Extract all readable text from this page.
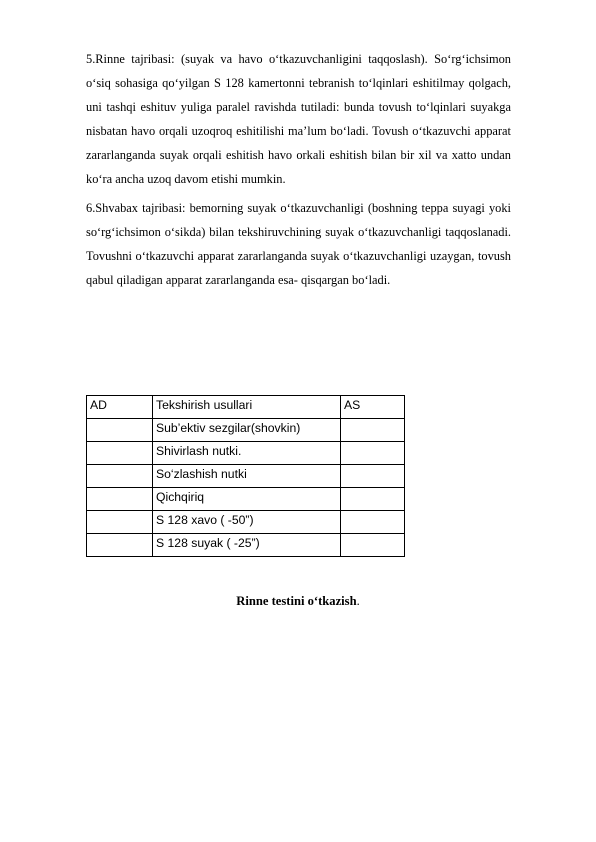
5.Rinne tajribasi: (suyak va havo o‘tkazuvchanligini taqqoslash). So‘rg‘ichsimon o‘siq sohasiga qo‘yilgan S 128 kamertonni tebranish to‘lqinlari eshitilmay qolgach, uni tashqi eshituv yuliga paralel ravishda tutiladi: bunda tovush to‘lqinlari suyakga nisbatan havo orqali uzoqroq eshitilishi ma’lum bo‘ladi. Tovush o‘tkazuvchi apparat zararlanganda suyak orqali eshitish havo orkali eshitish bilan bir xil va xatto undan ko‘ra ancha uzoq davom etishi mumkin.

6.Shvabax tajribasi: bemorning suyak o‘tkazuvchanligi (boshning teppa suyagi yoki so‘rg‘ichsimon o‘sikda) bilan tekshiruvchining suyak o‘tkazuvchanligi taqqoslanadi. Tovushni o‘tkazuvchi apparat zararlanganda suyak o‘tkazuvchanligi uzaygan, tovush qabul qiladigan apparat zararlanganda esa- qisqargan bo‘ladi.

AD	Tekshirish usullari	AS
	Sub’ektiv sezgilar(shovkin)	
	Shivirlash nutki.	
	So‘zlashish nutki	
	Qichqiriq	
	S 128 xavo ( -50”)	
	S 128 suyak ( -25”)	
Rinne testini o‘tkazish.
